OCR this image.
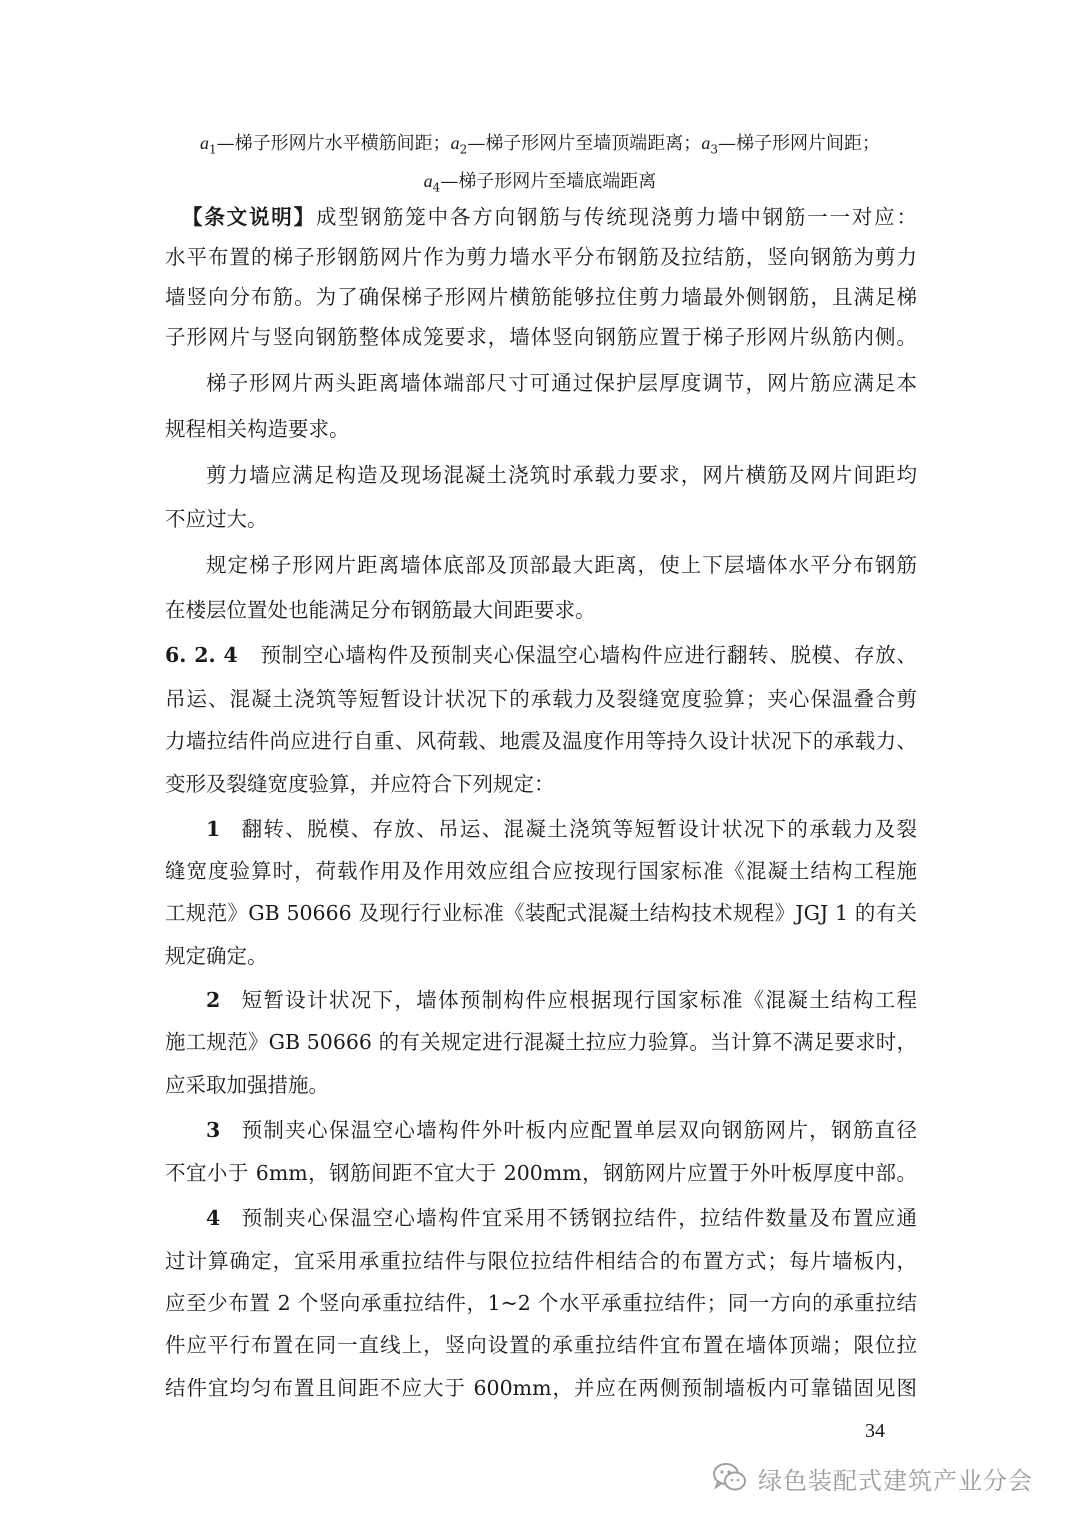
$a_1—$梯子形网片水平横筋间距；$a_2—$梯子形网片至墙顶端距离；$a_3—$梯子形网片间距；
$a_4—$梯子形网片至墙底端距离
【条文说明】成型钢筋笼中各方向钢筋与传统现浇剪力墙中钢筋一一对应：
水平布置的梯子形钢筋网片作为剪力墙水平分布钢筋及拉结筋，竖向钢筋为剪力
墙竖向分布筋。为了确保梯子形网片横筋能够拉住剪力墙最外侧钢筋，且满足梯
子形网片与竖向钢筋整体成笼要求，墙体竖向钢筋应置于梯子形网片纵筋内侧。
梯子形网片两头距离墙体端部尺寸可通过保护层厚度调节，网片筋应满足本
规程相关构造要求。
剪力墙应满足构造及现场混凝土浇筑时承载力要求，网片横筋及网片间距均
不应过大。
规定梯子形网片距离墙体底部及顶部最大距离，使上下层墙体水平分布钢筋
在楼层位置处也能满足分布钢筋最大间距要求。
6. 2. 4 预制空心墙构件及预制夹心保温空心墙构件应进行翻转、脱模、存放、
吊运、混凝土浇筑等短暂设计状况下的承载力及裂缝宽度验算；夹心保温叠合剪
力墙拉结件尚应进行自重、风荷载、地震及温度作用等持久设计状况下的承载力、
变形及裂缝宽度验算，并应符合下列规定：
1 翻转、脱模、存放、吊运、混凝土浇筑等短暂设计状况下的承载力及裂
缝宽度验算时，荷载作用及作用效应组合应按现行国家标准《混凝土结构工程施
工规范》GB 50666 及现行行业标准《装配式混凝土结构技术规程》JGJ 1 的有关
规定确定。
2 短暂设计状况下，墙体预制构件应根据现行国家标准《混凝土结构工程
施工规范》GB 50666 的有关规定进行混凝土拉应力验算。当计算不满足要求时，
应采取加强措施。
3 预制夹心保温空心墙构件外叶板内应配置单层双向钢筋网片，钢筋直径
不宜小于 6mm，钢筋间距不宜大于 200mm，钢筋网片应置于外叶板厚度中部。
4 预制夹心保温空心墙构件宜采用不锈钢拉结件，拉结件数量及布置应通
过计算确定，宜采用承重拉结件与限位拉结件相结合的布置方式；每片墙板内，
应至少布置 2 个竖向承重拉结件，1~2 个水平承重拉结件；同一方向的承重拉结
件应平行布置在同一直线上，竖向设置的承重拉结件宜布置在墙体顶端；限位拉
结件宜均匀布置且间距不应大于 600mm，并应在两侧预制墙板内可靠锚固见图
34
绿色装配式建筑产业分会
